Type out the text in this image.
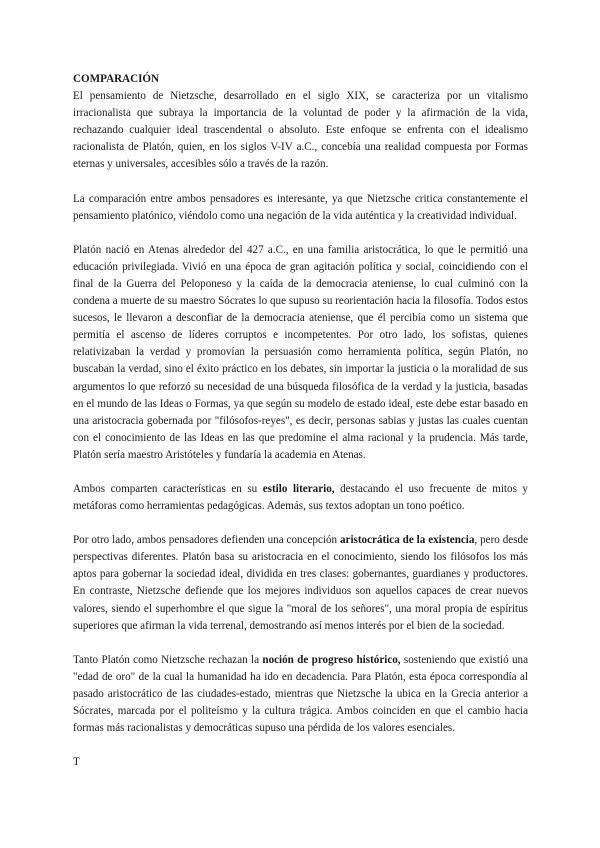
COMPARACIÓN
El pensamiento de Nietzsche, desarrollado en el siglo XIX, se caracteriza por un vitalismo irracionalista que subraya la importancia de la voluntad de poder y la afirmación de la vida, rechazando cualquier ideal trascendental o absoluto. Este enfoque se enfrenta con el idealismo racionalista de Platón, quien, en los siglos V-IV a.C., concebía una realidad compuesta por Formas eternas y universales, accesibles sólo a través de la razón.

La comparación entre ambos pensadores es interesante, ya que Nietzsche critica constantemente el pensamiento platónico, viéndolo como una negación de la vida auténtica y la creatividad individual.

Platón nació en Atenas alrededor del 427 a.C., en una familia aristocrática, lo que le permitió una educación privilegiada. Vivió en una época de gran agitación política y social, coincidiendo con el final de la Guerra del Peloponeso y la caída de la democracia ateniense, lo cual culminó con la condena a muerte de su maestro Sócrates lo que supuso su reorientación hacia la filosofía. Todos estos sucesos, le llevaron a desconfiar de la democracia ateniense, que él percibía como un sistema que permitía el ascenso de líderes corruptos e incompetentes. Por otro lado, los sofistas, quienes relativizaban la verdad y promovían la persuasión como herramienta política, según Platón, no buscaban la verdad, sino el éxito práctico en los debates, sin importar la justicia o la moralidad de sus argumentos lo que reforzó su necesidad de una búsqueda filosófica de la verdad y la justicia, basadas en el mundo de las Ideas o Formas, ya que según su modelo de estado ideal, este debe estar basado en una aristocracia gobernada por "filósofos-reyes", es decir, personas sabias y justas las cuales cuentan con el conocimiento de las Ideas en las que predomine el alma racional y la prudencia. Más tarde, Platón sería maestro Aristóteles y fundaría la academia en Atenas.

Ambos comparten características en su estilo literario, destacando el uso frecuente de mitos y metáforas como herramientas pedagógicas. Además, sus textos adoptan un tono poético.

Por otro lado, ambos pensadores defienden una concepción aristocrática de la existencia, pero desde perspectivas diferentes. Platón basa su aristocracia en el conocimiento, siendo los filósofos los más aptos para gobernar la sociedad ideal, dividida en tres clases: gobernantes, guardianes y productores. En contraste, Nietzsche defiende que los mejores individuos son aquellos capaces de crear nuevos valores, siendo el superhombre el que sigue la "moral de los señores", una moral propia de espíritus superiores que afirman la vida terrenal, demostrando así menos interés por el bien de la sociedad.

Tanto Platón como Nietzsche rechazan la noción de progreso histórico, sosteniendo que existió una "edad de oro" de la cual la humanidad ha ido en decadencia. Para Platón, esta época correspondía al pasado aristocrático de las ciudades-estado, mientras que Nietzsche la ubica en la Grecia anterior a Sócrates, marcada por el politeísmo y la cultura trágica. Ambos coinciden en que el cambio hacia formas más racionalistas y democráticas supuso una pérdida de los valores esenciales.

T
